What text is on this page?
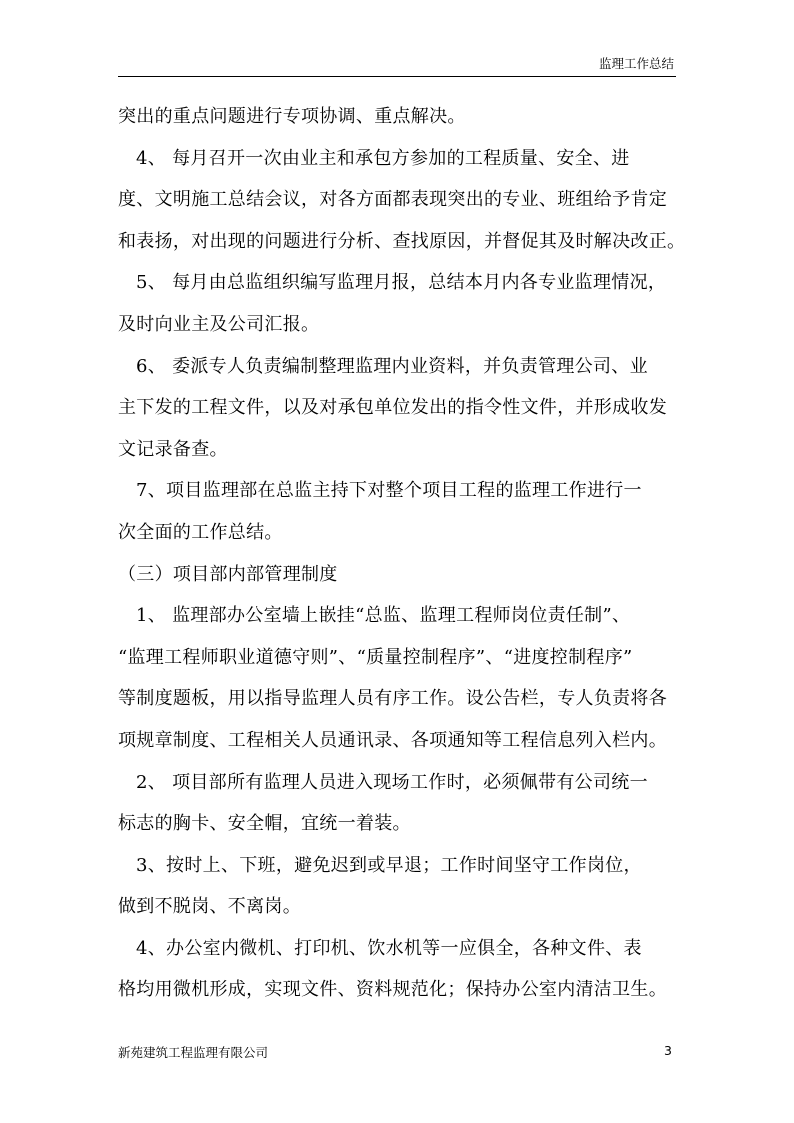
监理工作总结
突出的重点问题进行专项协调、重点解决。
4、 每月召开一次由业主和承包方参加的工程质量、安全、进
度、文明施工总结会议，对各方面都表现突出的专业、班组给予肯定
和表扬，对出现的问题进行分析、查找原因，并督促其及时解决改正。
5、 每月由总监组织编写监理月报，总结本月内各专业监理情况，
及时向业主及公司汇报。
6、 委派专人负责编制整理监理内业资料，并负责管理公司、业
主下发的工程文件，以及对承包单位发出的指令性文件，并形成收发
文记录备查。
7、项目监理部在总监主持下对整个项目工程的监理工作进行一
次全面的工作总结。
（三）项目部内部管理制度
1、 监理部办公室墙上嵌挂“总监、监理工程师岗位责任制”、
“监理工程师职业道德守则”、“质量控制程序”、“进度控制程序”
等制度题板，用以指导监理人员有序工作。设公告栏，专人负责将各
项规章制度、工程相关人员通讯录、各项通知等工程信息列入栏内。
2、 项目部所有监理人员进入现场工作时，必须佩带有公司统一
标志的胸卡、安全帽，宜统一着装。
3、按时上、下班，避免迟到或早退；工作时间坚守工作岗位，
做到不脱岗、不离岗。
4、办公室内微机、打印机、饮水机等一应俱全，各种文件、表
格均用微机形成，实现文件、资料规范化；保持办公室内清洁卫生。
新苑建筑工程监理有限公司	3
